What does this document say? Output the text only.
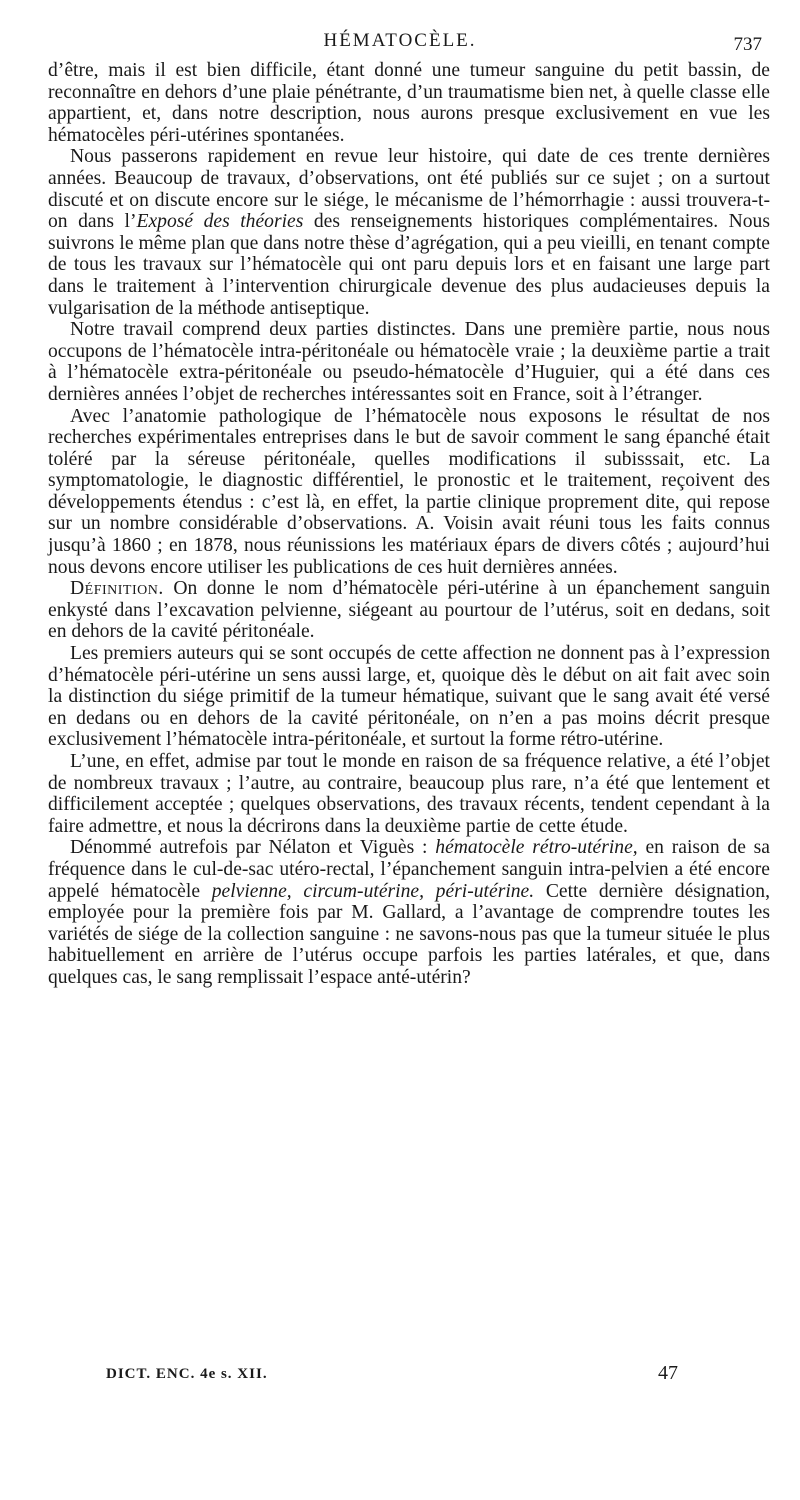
HÉMATOCÈLE.	737

d’être, mais il est bien difficile, étant donné une tumeur sanguine du petit bassin, de reconnaître en dehors d’une plaie pénétrante, d’un traumatisme bien net, à quelle classe elle appartient, et, dans notre description, nous aurons presque exclusivement en vue les hématocèles péri-utérines spontanées.

Nous passerons rapidement en revue leur histoire, qui date de ces trente dernières années. Beaucoup de travaux, d’observations, ont été publiés sur ce sujet ; on a surtout discuté et on discute encore sur le siége, le mécanisme de l’hémorrhagie : aussi trouvera-t-on dans l’Exposé des théories des renseignements historiques complémentaires. Nous suivrons le même plan que dans notre thèse d’agrégation, qui a peu vieilli, en tenant compte de tous les travaux sur l’hématocèle qui ont paru depuis lors et en faisant une large part dans le traitement à l’intervention chirurgicale devenue des plus audacieuses depuis la vulgarisation de la méthode antiseptique.

Notre travail comprend deux parties distinctes. Dans une première partie, nous nous occupons de l’hématocèle intra-péritonéale ou hématocèle vraie ; la deuxième partie a trait à l’hématocèle extra-péritonéale ou pseudo-hématocèle d’Huguier, qui a été dans ces dernières années l’objet de recherches intéressantes soit en France, soit à l’étranger.

Avec l’anatomie pathologique de l’hématocèle nous exposons le résultat de nos recherches expérimentales entreprises dans le but de savoir comment le sang épanché était toléré par la séreuse péritonéale, quelles modifications il subisssait, etc. La symptomatologie, le diagnostic différentiel, le pronostic et le traitement, reçoivent des développements étendus : c’est là, en effet, la partie clinique proprement dite, qui repose sur un nombre considérable d’observations. A. Voisin avait réuni tous les faits connus jusqu’à 1860 ; en 1878, nous réunissions les matériaux épars de divers côtés ; aujourd’hui nous devons encore utiliser les publications de ces huit dernières années.

Définition. On donne le nom d’hématocèle péri-utérine à un épanchement sanguin enkysté dans l’excavation pelvienne, siégeant au pourtour de l’utérus, soit en dedans, soit en dehors de la cavité péritonéale.

Les premiers auteurs qui se sont occupés de cette affection ne donnent pas à l’expression d’hématocèle péri-utérine un sens aussi large, et, quoique dès le début on ait fait avec soin la distinction du siége primitif de la tumeur hématique, suivant que le sang avait été versé en dedans ou en dehors de la cavité péritonéale, on n’en a pas moins décrit presque exclusivement l’hématocèle intra-péritonéale, et surtout la forme rétro-utérine.

L’une, en effet, admise par tout le monde en raison de sa fréquence relative, a été l’objet de nombreux travaux ; l’autre, au contraire, beaucoup plus rare, n’a été que lentement et difficilement acceptée ; quelques observations, des travaux récents, tendent cependant à la faire admettre, et nous la décrirons dans la deuxième partie de cette étude.

Dénommé autrefois par Nélaton et Viguès : hématocèle rétro-utérine, en raison de sa fréquence dans le cul-de-sac utéro-rectal, l’épanchement sanguin intra-pelvien a été encore appelé hématocèle pelvienne, circum-utérine, péri-utérine. Cette dernière désignation, employée pour la première fois par M. Gallard, a l’avantage de comprendre toutes les variétés de siége de la collection sanguine : ne savons-nous pas que la tumeur située le plus habituellement en arrière de l’utérus occupe parfois les parties latérales, et que, dans quelques cas, le sang remplissait l’espace anté-utérin?

DICT. ENC. 4e s. XII.	47
